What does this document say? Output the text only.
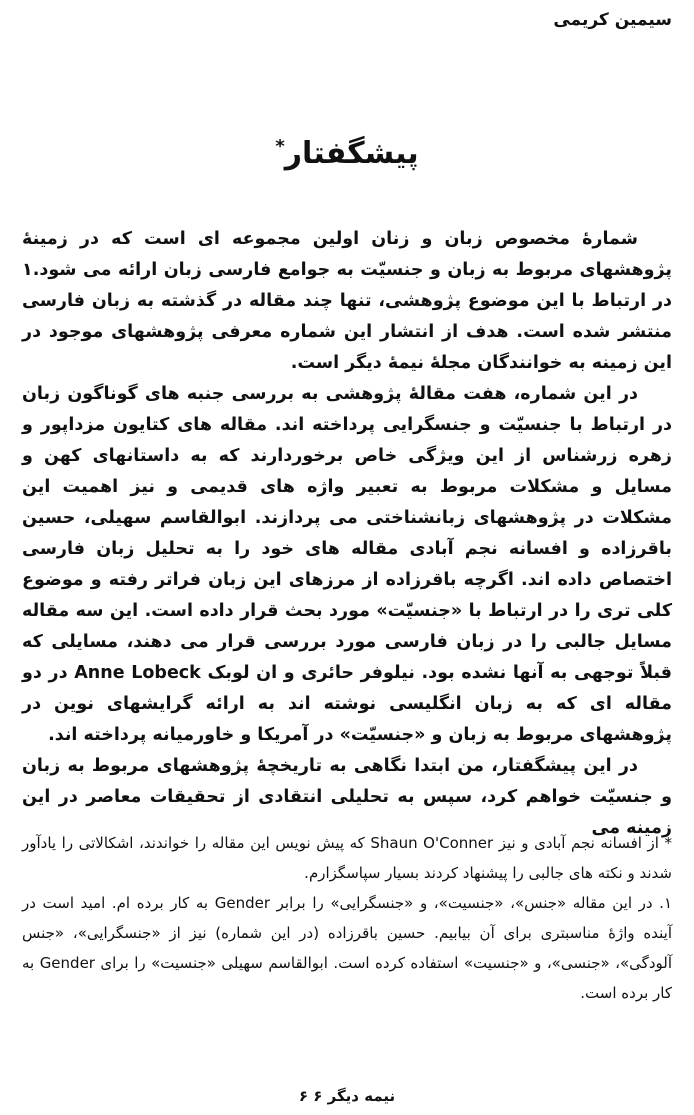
سیمین کریمی
پیشگفتار*

شمارهٔ مخصوص زبان و زنان اولین مجموعه ای است که در زمینهٔ پژوهشهای مربوط به زبان و جنسیّت به جوامع فارسی زبان ارائه می شود.۱ در ارتباط با این موضوع پژوهشی، تنها چند مقاله در گذشته به زبان فارسی منتشر شده است. هدف از انتشار این شماره معرفی پژوهشهای موجود در این زمینه به خوانندگان مجلهٔ نیمهٔ دیگر است.

در این شماره، هفت مقالهٔ پژوهشی به بررسی جنبه های گوناگون زبان در ارتباط با جنسیّت و جنسگرایی پرداخته اند. مقاله های کتایون مزداپور و زهره زرشناس از این ویژگی خاص برخوردارند که به داستانهای کهن و مسایل و مشکلات مربوط به تعبیر واژه های قدیمی و نیز اهمیت این مشکلات در پژوهشهای زبانشناختی می پردازند. ابوالقاسم سهیلی، حسین باقرزاده و افسانه نجم آبادی مقاله های خود را به تحلیل زبان فارسی اختصاص داده اند. اگرچه باقرزاده از مرزهای این زبان فراتر رفته و موضوع کلی تری را در ارتباط با «جنسیّت» مورد بحث قرار داده است. این سه مقاله مسایل جالبی را در زبان فارسی مورد بررسی قرار می دهند، مسایلی که قبلاً توجهی به آنها نشده بود. نیلوفر حائری و ان لوبک Anne Lobeck در دو مقاله ای که به زبان انگلیسی نوشته اند به ارائه گرایشهای نوین در پژوهشهای مربوط به زبان و «جنسیّت» در آمریکا و خاورمیانه پرداخته اند.

در این پیشگفتار، من ابتدا نگاهی به تاریخچهٔ پژوهشهای مربوط به زبان و جنسیّت خواهم کرد، سپس به تحلیلی انتقادی از تحقیقات معاصر در این زمینه می

* از افسانه نجم آبادی و نیز Shaun O'Conner که پیش نویس این مقاله را خواندند، اشکالاتی را یادآور شدند و نکته های جالبی را پیشنهاد کردند بسیار سپاسگزارم.

۱. در این مقاله «جنس»، «جنسیت»، و «جنسگرایی» را برابر Gender به کار برده ام. امید است در آینده واژهٔ مناسبتری برای آن بیابیم. حسین باقرزاده (در این شماره) نیز از «جنسگرایی»، «جنس آلودگی»، «جنسی»، و «جنسیت» استفاده کرده است. ابوالقاسم سهیلی «جنسیت» را برای Gender به کار برده است.

نیمه دیگر ۶ ۶
